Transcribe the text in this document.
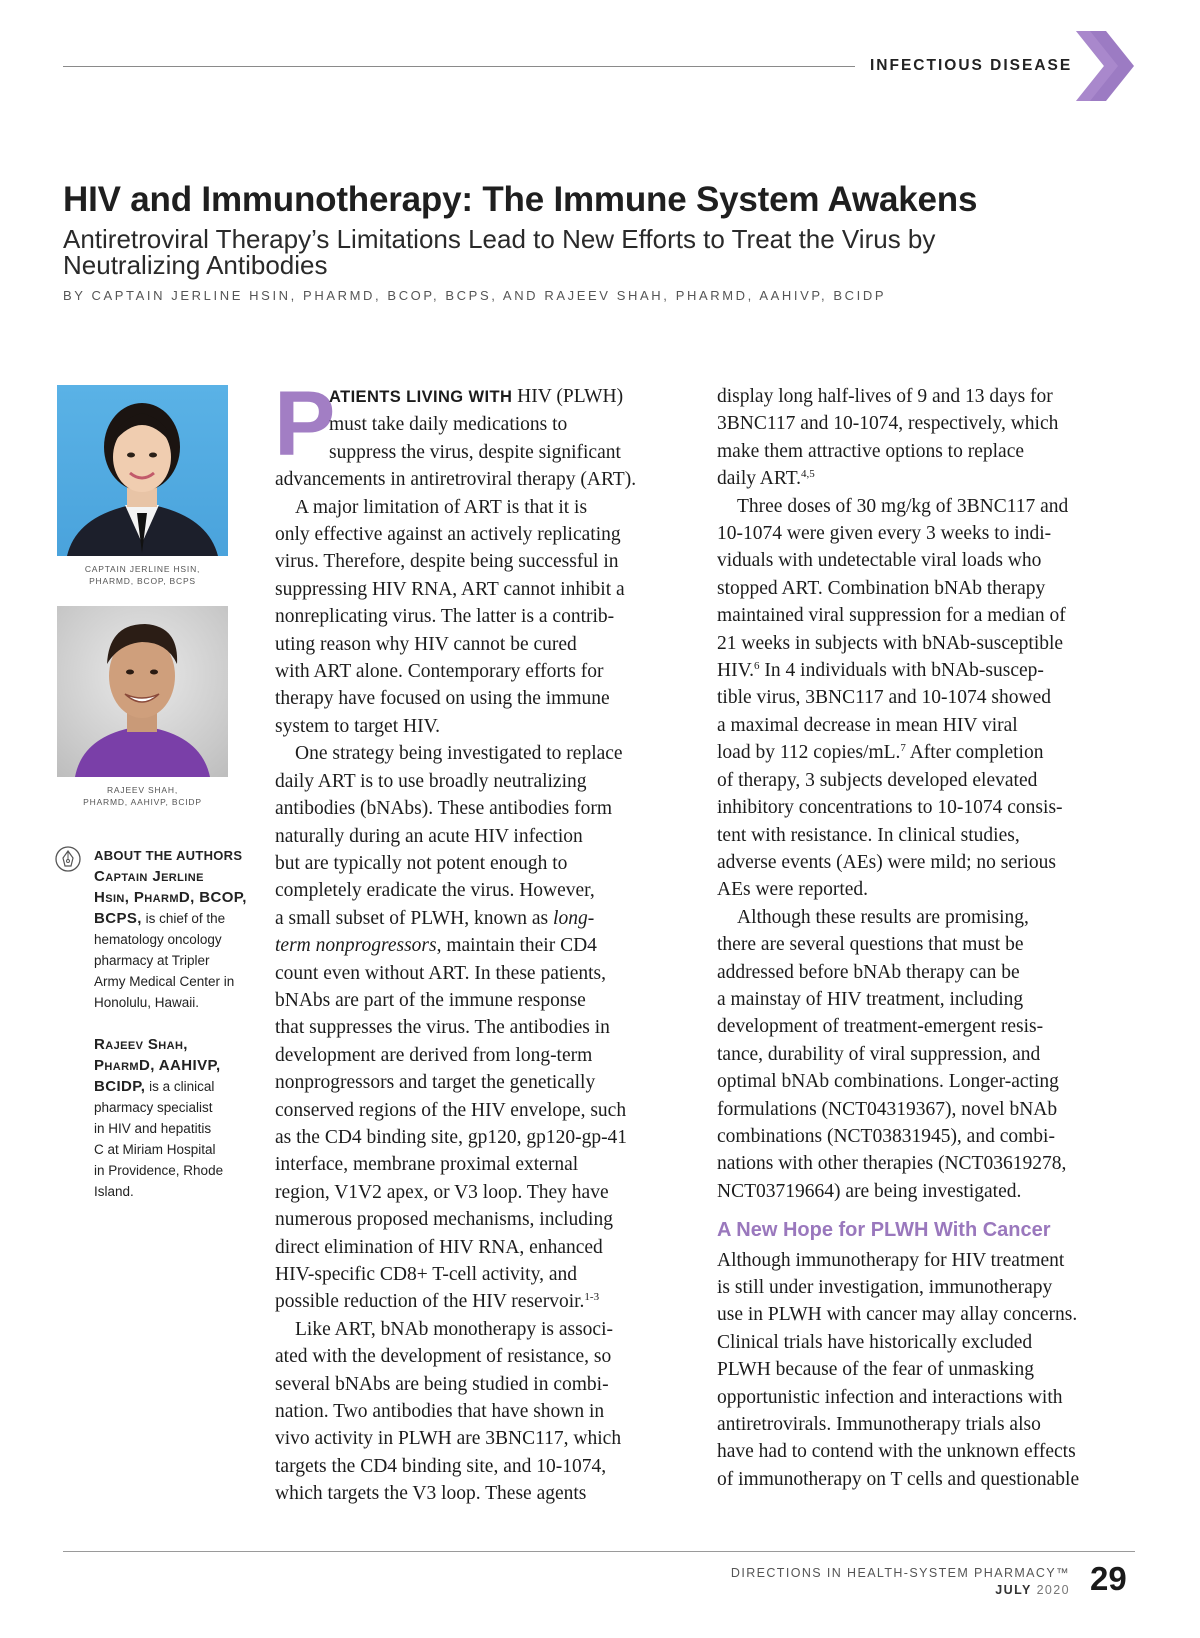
INFECTIOUS DISEASE
HIV and Immunotherapy: The Immune System Awakens
Antiretroviral Therapy’s Limitations Lead to New Efforts to Treat the Virus by
Neutralizing Antibodies
BY CAPTAIN JERLINE HSIN, PHARMD, BCOP, BCPS, AND RAJEEV SHAH, PHARMD, AAHIVP, BCIDP
CAPTAIN JERLINE HSIN,
PHARMD, BCOP, BCPS
RAJEEV SHAH,
PHARMD, AAHIVP, BCIDP
ABOUT THE AUTHORS

Captain Jerline
Hsin, PharmD, BCOP,
BCPS, is chief of the
hematology oncology
pharmacy at Tripler
Army Medical Center in
Honolulu, Hawaii.

Rajeev Shah,
PharmD, AAHIVP,
BCIDP, is a clinical
pharmacy specialist
in HIV and hepatitis
C at Miriam Hospital
in Providence, Rhode
Island.

P
ATIENTS LIVING WITH HIV (PLWH)
must take daily medications to
suppress the virus, despite significant
advancements in antiretroviral therapy (ART).
A major limitation of ART is that it is
only effective against an actively replicating
virus. Therefore, despite being successful in
suppressing HIV RNA, ART cannot inhibit a
nonreplicating virus. The latter is a contrib-
uting reason why HIV cannot be cured
with ART alone. Contemporary efforts for
therapy have focused on using the immune
system to target HIV.
One strategy being investigated to replace
daily ART is to use broadly neutralizing
antibodies (bNAbs). These antibodies form
naturally during an acute HIV infection
but are typically not potent enough to
completely eradicate the virus. However,
a small subset of PLWH, known as long-
term nonprogressors, maintain their CD4
count even without ART. In these patients,
bNAbs are part of the immune response
that suppresses the virus. The antibodies in
development are derived from long-term
nonprogressors and target the genetically
conserved regions of the HIV envelope, such
as the CD4 binding site, gp120, gp120-gp-41
interface, membrane proximal external
region, V1V2 apex, or V3 loop. They have
numerous proposed mechanisms, including
direct elimination of HIV RNA, enhanced
HIV-specific CD8+ T-cell activity, and
possible reduction of the HIV reservoir.$^{1-3}$
Like ART, bNAb monotherapy is associ-
ated with the development of resistance, so
several bNAbs are being studied in combi-
nation. Two antibodies that have shown in
vivo activity in PLWH are 3BNC117, which
targets the CD4 binding site, and 10-1074,
which targets the V3 loop. These agents
display long half-lives of 9 and 13 days for
3BNC117 and 10-1074, respectively, which
make them attractive options to replace
daily ART.$^{4,5}$
Three doses of 30 mg/kg of 3BNC117 and
10-1074 were given every 3 weeks to indi-
viduals with undetectable viral loads who
stopped ART. Combination bNAb therapy
maintained viral suppression for a median of
21 weeks in subjects with bNAb-susceptible
HIV.$^6$ In 4 individuals with bNAb-suscep-
tible virus, 3BNC117 and 10-1074 showed
a maximal decrease in mean HIV viral
load by 112 copies/mL.$^7$ After completion
of therapy, 3 subjects developed elevated
inhibitory concentrations to 10-1074 consis-
tent with resistance. In clinical studies,
adverse events (AEs) were mild; no serious
AEs were reported.
Although these results are promising,
there are several questions that must be
addressed before bNAb therapy can be
a mainstay of HIV treatment, including
development of treatment-emergent resis-
tance, durability of viral suppression, and
optimal bNAb combinations. Longer-acting
formulations (NCT04319367), novel bNAb
combinations (NCT03831945), and combi-
nations with other therapies (NCT03619278,
NCT03719664) are being investigated.
A New Hope for PLWH With Cancer
Although immunotherapy for HIV treatment
is still under investigation, immunotherapy
use in PLWH with cancer may allay concerns.
Clinical trials have historically excluded
PLWH because of the fear of unmasking
opportunistic infection and interactions with
antiretrovirals. Immunotherapy trials also
have had to contend with the unknown effects
of immunotherapy on T cells and questionable
DIRECTIONS IN HEALTH-SYSTEM PHARMACY™
JULY 2020 29
